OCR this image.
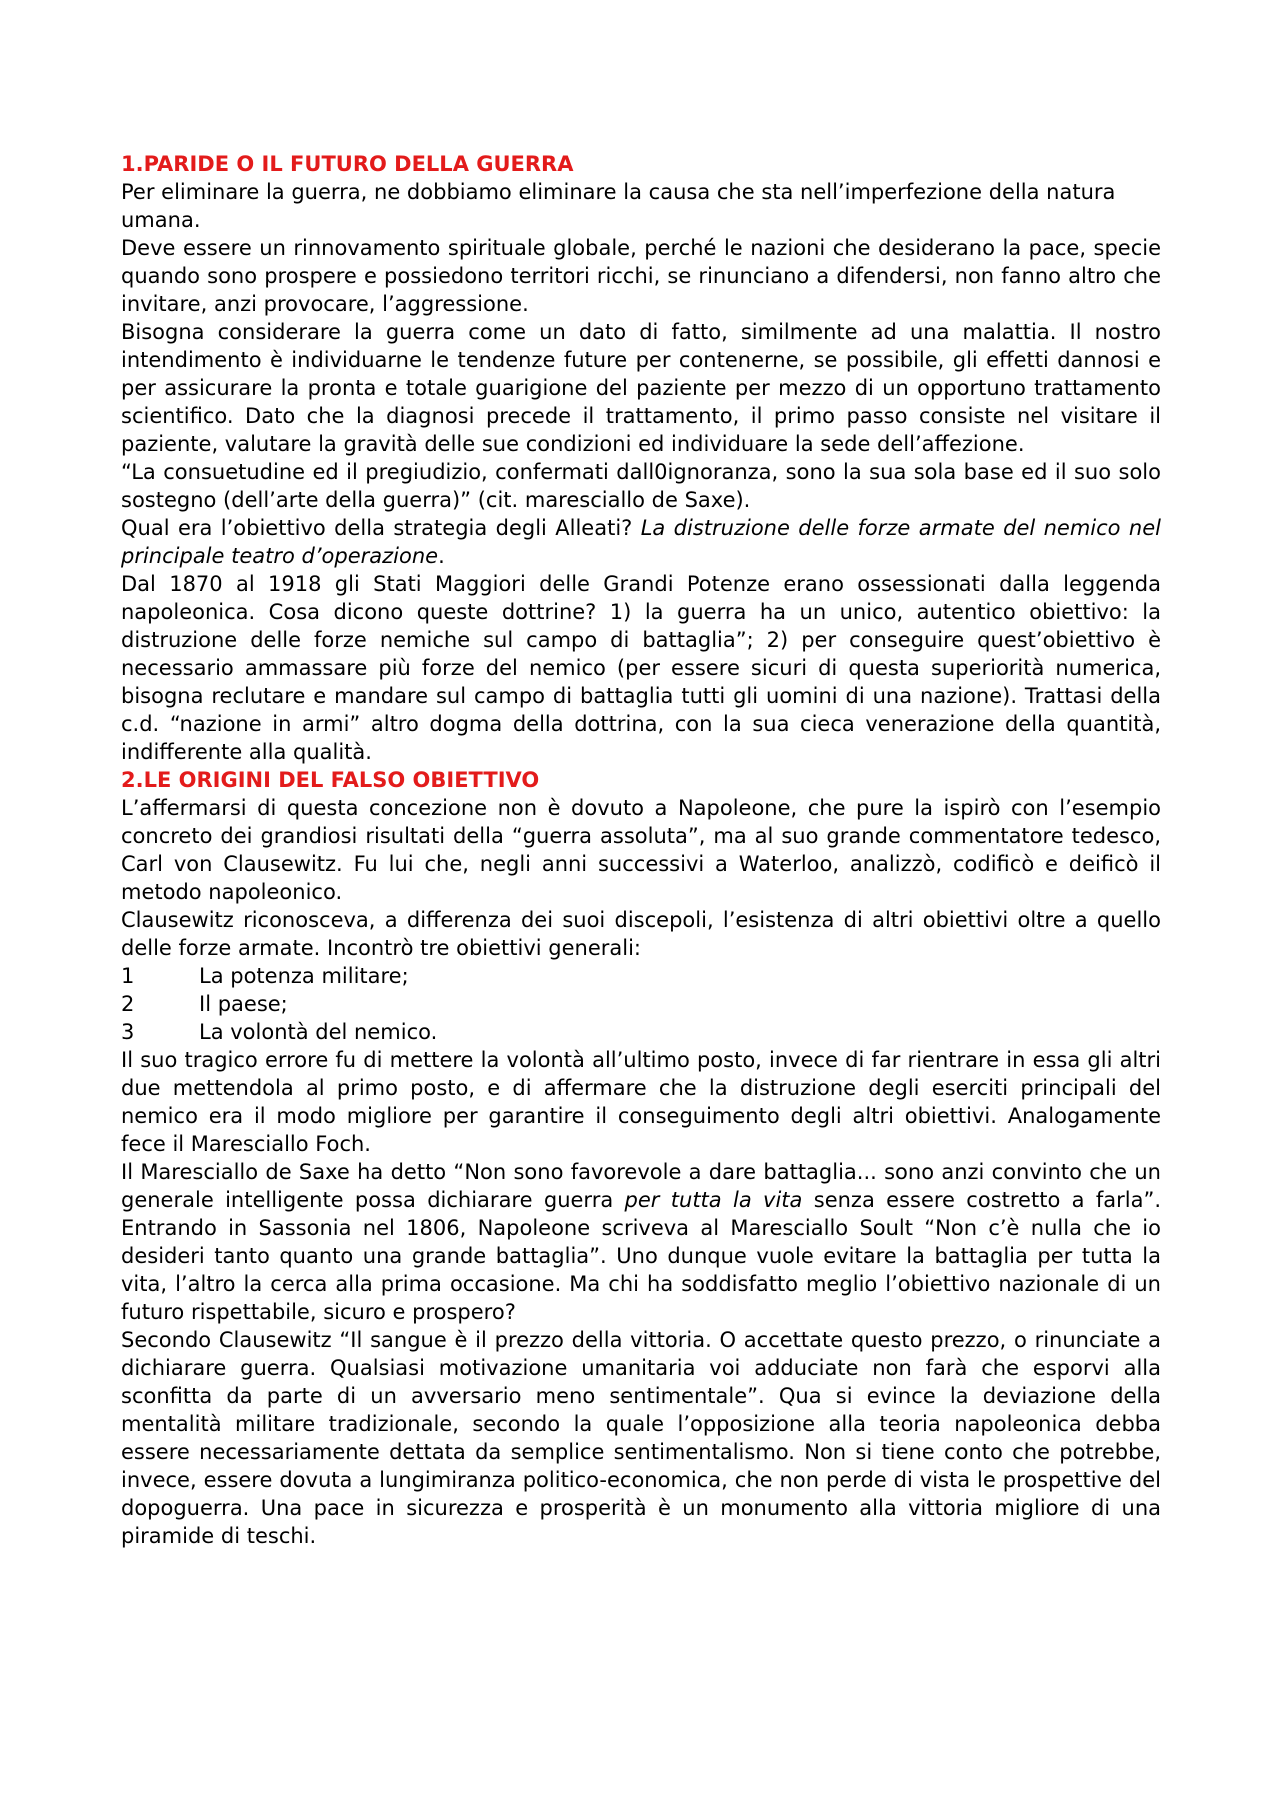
1.PARIDE O IL FUTURO DELLA GUERRA

Per eliminare la guerra, ne dobbiamo eliminare la causa che sta nell’imperfezione della natura umana.

Deve essere un rinnovamento spirituale globale, perché le nazioni che desiderano la pace, specie quando sono prospere e possiedono territori ricchi, se rinunciano a difendersi, non fanno altro che invitare, anzi provocare, l’aggressione.

Bisogna considerare la guerra come un dato di fatto, similmente ad una malattia. Il nostro intendimento è individuarne le tendenze future per contenerne, se possibile, gli effetti dannosi e per assicurare la pronta e totale guarigione del paziente per mezzo di un opportuno trattamento scientifico. Dato che la diagnosi precede il trattamento, il primo passo consiste nel visitare il paziente, valutare la gravità delle sue condizioni ed individuare la sede dell’affezione.

“La consuetudine ed il pregiudizio, confermati dall0ignoranza, sono la sua sola base ed il suo solo sostegno (dell’arte della guerra)” (cit. maresciallo de Saxe).

Qual era l’obiettivo della strategia degli Alleati? La distruzione delle forze armate del nemico nel principale teatro d’operazione.

Dal 1870 al 1918 gli Stati Maggiori delle Grandi Potenze erano ossessionati dalla leggenda napoleonica. Cosa dicono queste dottrine? 1) la guerra ha un unico, autentico obiettivo: la distruzione delle forze nemiche sul campo di battaglia”; 2) per conseguire quest’obiettivo è necessario ammassare più forze del nemico (per essere sicuri di questa superiorità numerica, bisogna reclutare e mandare sul campo di battaglia tutti gli uomini di una nazione). Trattasi della c.d. “nazione in armi” altro dogma della dottrina, con la sua cieca venerazione della quantità, indifferente alla qualità.

2.LE ORIGINI DEL FALSO OBIETTIVO

L’affermarsi di questa concezione non è dovuto a Napoleone, che pure la ispirò con l’esempio concreto dei grandiosi risultati della “guerra assoluta”, ma al suo grande commentatore tedesco, Carl von Clausewitz. Fu lui che, negli anni successivi a Waterloo, analizzò, codificò e deificò il metodo napoleonico.

Clausewitz riconosceva, a differenza dei suoi discepoli, l’esistenza di altri obiettivi oltre a quello delle forze armate. Incontrò tre obiettivi generali:

1	La potenza militare;
2	Il paese;
3	La volontà del nemico.

Il suo tragico errore fu di mettere la volontà all’ultimo posto, invece di far rientrare in essa gli altri due mettendola al primo posto, e di affermare che la distruzione degli eserciti principali del nemico era il modo migliore per garantire il conseguimento degli altri obiettivi. Analogamente fece il Maresciallo Foch.

Il Maresciallo de Saxe ha detto “Non sono favorevole a dare battaglia... sono anzi convinto che un generale intelligente possa dichiarare guerra per tutta la vita senza essere costretto a farla”. Entrando in Sassonia nel 1806, Napoleone scriveva al Maresciallo Soult “Non c’è nulla che io desideri tanto quanto una grande battaglia”. Uno dunque vuole evitare la battaglia per tutta la vita, l’altro la cerca alla prima occasione. Ma chi ha soddisfatto meglio l’obiettivo nazionale di un futuro rispettabile, sicuro e prospero?

Secondo Clausewitz “Il sangue è il prezzo della vittoria. O accettate questo prezzo, o rinunciate a dichiarare guerra. Qualsiasi motivazione umanitaria voi adduciate non farà che esporvi alla sconfitta da parte di un avversario meno sentimentale”. Qua si evince la deviazione della mentalità militare tradizionale, secondo la quale l’opposizione alla teoria napoleonica debba essere necessariamente dettata da semplice sentimentalismo. Non si tiene conto che potrebbe, invece, essere dovuta a lungimiranza politico-economica, che non perde di vista le prospettive del dopoguerra. Una pace in sicurezza e prosperità è un monumento alla vittoria migliore di una piramide di teschi.
